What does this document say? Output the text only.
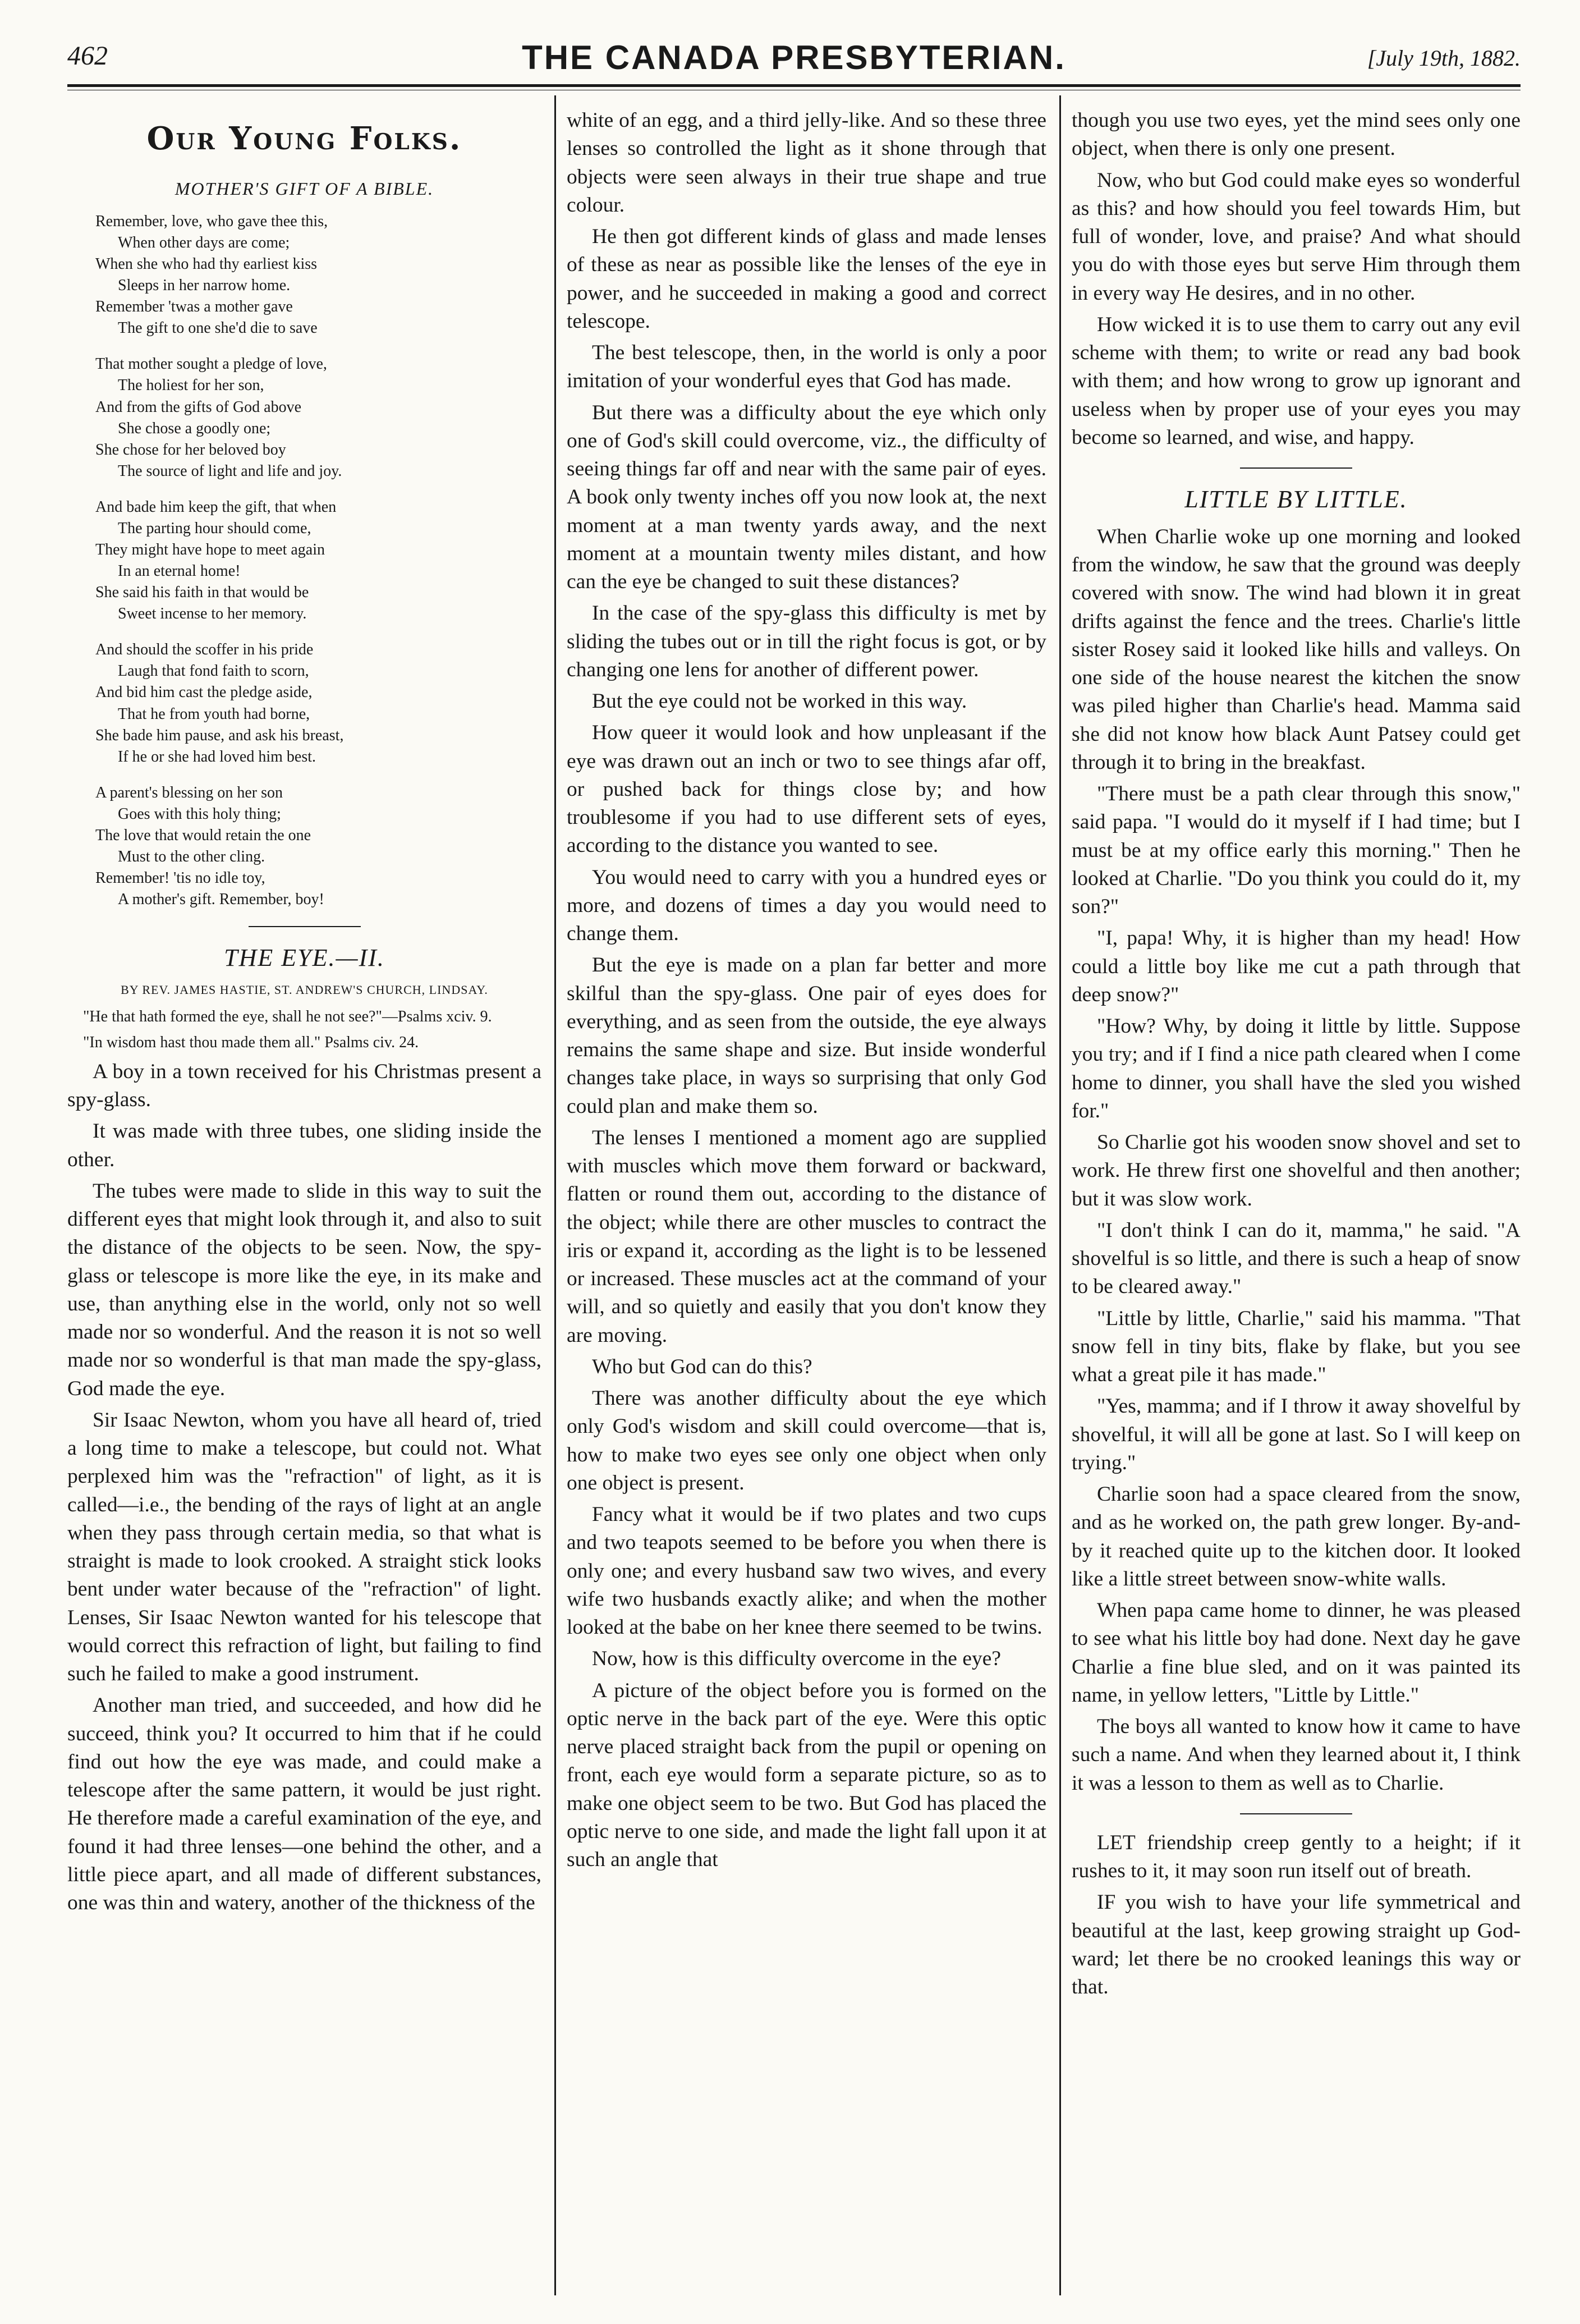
462	THE CANADA PRESBYTERIAN.	[July 19th, 1882.
Our Young Folks.
MOTHER'S GIFT OF A BIBLE.
Remember, love, who gave thee this,
When other days are come;
When she who had thy earliest kiss
Sleeps in her narrow home.
Remember 'twas a mother gave
The gift to one she'd die to save
That mother sought a pledge of love,
The holiest for her son,
And from the gifts of God above
She chose a goodly one;
She chose for her beloved boy
The source of light and life and joy.
And bade him keep the gift, that when
The parting hour should come,
They might have hope to meet again
In an eternal home!
She said his faith in that would be
Sweet incense to her memory.
And should the scoffer in his pride
Laugh that fond faith to scorn,
And bid him cast the pledge aside,
That he from youth had borne,
She bade him pause, and ask his breast,
If he or she had loved him best.
A parent's blessing on her son
Goes with this holy thing;
The love that would retain the one
Must to the other cling.
Remember! 'tis no idle toy,
A mother's gift. Remember, boy!
THE EYE.—II.
BY REV. JAMES HASTIE, ST. ANDREW'S CHURCH, LINDSAY.
"He that hath formed the eye, shall he not see?"—Psalms xciv. 9.
"In wisdom hast thou made them all." Psalms civ. 24.

A boy in a town received for his Christmas present a spy-glass.

It was made with three tubes, one sliding inside the other.

The tubes were made to slide in this way to suit the different eyes that might look through it, and also to suit the distance of the objects to be seen. Now, the spy-glass or telescope is more like the eye, in its make and use, than anything else in the world, only not so well made nor so wonderful. And the reason it is not so well made nor so wonderful is that man made the spy-glass, God made the eye.

Sir Isaac Newton, whom you have all heard of, tried a long time to make a telescope, but could not. What perplexed him was the "refraction" of light, as it is called—i.e., the bending of the rays of light at an angle when they pass through certain media, so that what is straight is made to look crooked. A straight stick looks bent under water because of the "refraction" of light. Lenses, Sir Isaac Newton wanted for his telescope that would correct this refraction of light, but failing to find such he failed to make a good instrument.

Another man tried, and succeeded, and how did he succeed, think you? It occurred to him that if he could find out how the eye was made, and could make a telescope after the same pattern, it would be just right. He therefore made a careful examination of the eye, and found it had three lenses—one behind the other, and a little piece apart, and all made of different substances, one was thin and watery, another of the thickness of the

white of an egg, and a third jelly-like. And so these three lenses so controlled the light as it shone through that objects were seen always in their true shape and true colour.

He then got different kinds of glass and made lenses of these as near as possible like the lenses of the eye in power, and he succeeded in making a good and correct telescope.

The best telescope, then, in the world is only a poor imitation of your wonderful eyes that God has made.

But there was a difficulty about the eye which only one of God's skill could overcome, viz., the difficulty of seeing things far off and near with the same pair of eyes. A book only twenty inches off you now look at, the next moment at a man twenty yards away, and the next moment at a mountain twenty miles distant, and how can the eye be changed to suit these distances?

In the case of the spy-glass this difficulty is met by sliding the tubes out or in till the right focus is got, or by changing one lens for another of different power.

But the eye could not be worked in this way.

How queer it would look and how unpleasant if the eye was drawn out an inch or two to see things afar off, or pushed back for things close by; and how troublesome if you had to use different sets of eyes, according to the distance you wanted to see.

You would need to carry with you a hundred eyes or more, and dozens of times a day you would need to change them.

But the eye is made on a plan far better and more skilful than the spy-glass. One pair of eyes does for everything, and as seen from the outside, the eye always remains the same shape and size. But inside wonderful changes take place, in ways so surprising that only God could plan and make them so.

The lenses I mentioned a moment ago are supplied with muscles which move them forward or backward, flatten or round them out, according to the distance of the object; while there are other muscles to contract the iris or expand it, according as the light is to be lessened or increased. These muscles act at the command of your will, and so quietly and easily that you don't know they are moving.

Who but God can do this?

There was another difficulty about the eye which only God's wisdom and skill could overcome—that is, how to make two eyes see only one object when only one object is present.

Fancy what it would be if two plates and two cups and two teapots seemed to be before you when there is only one; and every husband saw two wives, and every wife two husbands exactly alike; and when the mother looked at the babe on her knee there seemed to be twins.

Now, how is this difficulty overcome in the eye?

A picture of the object before you is formed on the optic nerve in the back part of the eye. Were this optic nerve placed straight back from the pupil or opening on front, each eye would form a separate picture, so as to make one object seem to be two. But God has placed the optic nerve to one side, and made the light fall upon it at such an angle that

though you use two eyes, yet the mind sees only one object, when there is only one present.

Now, who but God could make eyes so wonderful as this? and how should you feel towards Him, but full of wonder, love, and praise? And what should you do with those eyes but serve Him through them in every way He desires, and in no other.

How wicked it is to use them to carry out any evil scheme with them; to write or read any bad book with them; and how wrong to grow up ignorant and useless when by proper use of your eyes you may become so learned, and wise, and happy.

LITTLE BY LITTLE.

When Charlie woke up one morning and looked from the window, he saw that the ground was deeply covered with snow. The wind had blown it in great drifts against the fence and the trees. Charlie's little sister Rosey said it looked like hills and valleys. On one side of the house nearest the kitchen the snow was piled higher than Charlie's head. Mamma said she did not know how black Aunt Patsey could get through it to bring in the breakfast.

"There must be a path clear through this snow," said papa. "I would do it myself if I had time; but I must be at my office early this morning." Then he looked at Charlie. "Do you think you could do it, my son?"

"I, papa! Why, it is higher than my head! How could a little boy like me cut a path through that deep snow?"

"How? Why, by doing it little by little. Suppose you try; and if I find a nice path cleared when I come home to dinner, you shall have the sled you wished for."

So Charlie got his wooden snow shovel and set to work. He threw first one shovelful and then another; but it was slow work.

"I don't think I can do it, mamma," he said. "A shovelful is so little, and there is such a heap of snow to be cleared away."

"Little by little, Charlie," said his mamma. "That snow fell in tiny bits, flake by flake, but you see what a great pile it has made."

"Yes, mamma; and if I throw it away shovelful by shovelful, it will all be gone at last. So I will keep on trying."

Charlie soon had a space cleared from the snow, and as he worked on, the path grew longer. By-and-by it reached quite up to the kitchen door. It looked like a little street between snow-white walls.

When papa came home to dinner, he was pleased to see what his little boy had done. Next day he gave Charlie a fine blue sled, and on it was painted its name, in yellow letters, "Little by Little."

The boys all wanted to know how it came to have such a name. And when they learned about it, I think it was a lesson to them as well as to Charlie.

LET friendship creep gently to a height; if it rushes to it, it may soon run itself out of breath.

IF you wish to have your life symmetrical and beautiful at the last, keep growing straight up God-ward; let there be no crooked leanings this way or that.
